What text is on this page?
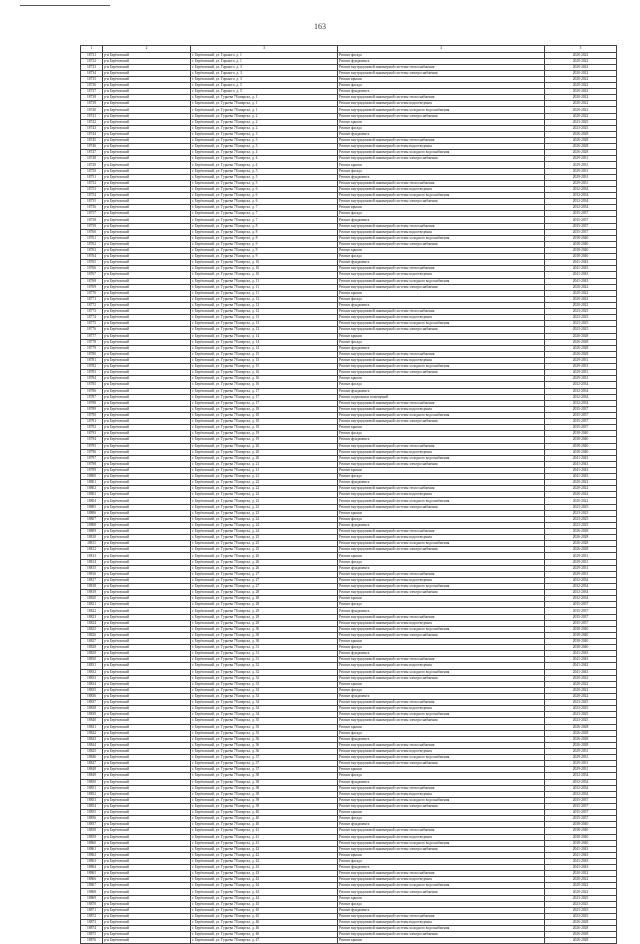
163
1	2	3	4	5
18731	р-н Берёзовский	г. Берёзовский, ул. Горького, д. 1	Ремонт фасада	2020-2022
18732	р-н Берёзовский	г. Берёзовский, ул. Горького, д. 1	Ремонт фундамента	2020-2022
18733	р-н Берёзовский	г. Берёзовский, ул. Горького, д. 3	Ремонт внутридомовой инженерной системы теплоснабжения	2020-2022
18734	р-н Берёзовский	г. Берёзовский, ул. Горького, д. 3	Ремонт внутридомовой инженерной системы электроснабжения	2020-2022
18735	р-н Берёзовский	г. Берёзовский, ул. Горького, д. 3	Ремонт крыши	2020-2022
18736	р-н Берёзовский	г. Берёзовский, ул. Горького, д. 5	Ремонт фасада	2020-2022
18737	р-н Берёзовский	г. Берёзовский, ул. Горького, д. 5	Ремонт фундамента	2020-2022
18738	р-н Берёзовский	г. Берёзовский, ул. Гурьева 78 квартал, д. 1	Ремонт внутридомовой инженерной системы теплоснабжения	2020-2022
18739	р-н Берёзовский	г. Берёзовский, ул. Гурьева 78 квартал, д. 1	Ремонт внутридомовой инженерной системы водоотведения	2020-2022
18740	р-н Берёзовский	г. Берёзовский, ул. Гурьева 78 квартал, д. 1	Ремонт внутридомовой инженерной системы холодного водоснабжения	2020-2022
18741	р-н Берёзовский	г. Берёзовский, ул. Гурьева 78 квартал, д. 2	Ремонт внутридомовой инженерной системы электроснабжения	2020-2022
18742	р-н Берёзовский	г. Берёзовский, ул. Гурьева 78 квартал, д. 2	Ремонт крыши	2023-2025
18743	р-н Берёзовский	г. Берёзовский, ул. Гурьева 78 квартал, д. 2	Ремонт фасада	2023-2025
18744	р-н Берёзовский	г. Берёзовский, ул. Гурьева 78 квартал, д. 3	Ремонт фундамента	2026-2028
18745	р-н Берёзовский	г. Берёзовский, ул. Гурьева 78 квартал, д. 3	Ремонт внутридомовой инженерной системы теплоснабжения	2026-2028
18746	р-н Берёзовский	г. Берёзовский, ул. Гурьева 78 квартал, д. 3	Ремонт внутридомовой инженерной системы водоотведения	2026-2028
18747	р-н Берёзовский	г. Берёзовский, ул. Гурьева 78 квартал, д. 4	Ремонт внутридомовой инженерной системы холодного водоснабжения	2026-2028
18748	р-н Берёзовский	г. Берёзовский, ул. Гурьева 78 квартал, д. 4	Ремонт внутридомовой инженерной системы электроснабжения	2029-2031
18749	р-н Берёзовский	г. Берёзовский, ул. Гурьева 78 квартал, д. 4	Ремонт крыши	2029-2031
18750	р-н Берёзовский	г. Берёзовский, ул. Гурьева 78 квартал, д. 5	Ремонт фасада	2029-2031
18751	р-н Берёзовский	г. Берёзовский, ул. Гурьева 78 квартал, д. 5	Ремонт фундамента	2029-2031
18752	р-н Берёзовский	г. Берёзовский, ул. Гурьева 78 квартал, д. 5	Ремонт внутридомовой инженерной системы теплоснабжения	2029-2031
18753	р-н Берёзовский	г. Берёзовский, ул. Гурьева 78 квартал, д. 6	Ремонт внутридомовой инженерной системы водоотведения	2032-2034
18754	р-н Берёзовский	г. Берёзовский, ул. Гурьева 78 квартал, д. 6	Ремонт внутридомовой инженерной системы холодного водоснабжения	2032-2034
18755	р-н Берёзовский	г. Берёзовский, ул. Гурьева 78 квартал, д. 6	Ремонт внутридомовой инженерной системы электроснабжения	2032-2034
18756	р-н Берёзовский	г. Берёзовский, ул. Гурьева 78 квартал, д. 7	Ремонт крыши	2032-2034
18757	р-н Берёзовский	г. Берёзовский, ул. Гурьева 78 квартал, д. 7	Ремонт фасада	2035-2037
18758	р-н Берёзовский	г. Берёзовский, ул. Гурьева 78 квартал, д. 7	Ремонт фундамента	2035-2037
18759	р-н Берёзовский	г. Берёзовский, ул. Гурьева 78 квартал, д. 8	Ремонт внутридомовой инженерной системы теплоснабжения	2035-2037
18760	р-н Берёзовский	г. Берёзовский, ул. Гурьева 78 квартал, д. 8	Ремонт внутридомовой инженерной системы водоотведения	2035-2037
18761	р-н Берёзовский	г. Берёзовский, ул. Гурьева 78 квартал, д. 8	Ремонт внутридомовой инженерной системы холодного водоснабжения	2038-2040
18762	р-н Берёзовский	г. Берёзовский, ул. Гурьева 78 квартал, д. 9	Ремонт внутридомовой инженерной системы электроснабжения	2038-2040
18763	р-н Берёзовский	г. Берёзовский, ул. Гурьева 78 квартал, д. 9	Ремонт крыши	2038-2040
18764	р-н Берёзовский	г. Берёзовский, ул. Гурьева 78 квартал, д. 9	Ремонт фасада	2038-2040
18765	р-н Берёзовский	г. Берёзовский, ул. Гурьева 78 квартал, д. 10	Ремонт фундамента	2041-2043
18766	р-н Берёзовский	г. Берёзовский, ул. Гурьева 78 квартал, д. 10	Ремонт внутридомовой инженерной системы теплоснабжения	2041-2043
18767	р-н Берёзовский	г. Берёзовский, ул. Гурьева 78 квартал, д. 10	Ремонт внутридомовой инженерной системы водоотведения	2041-2043
18768	р-н Берёзовский	г. Берёзовский, ул. Гурьева 78 квартал, д. 11	Ремонт внутридомовой инженерной системы холодного водоснабжения	2041-2043
18769	р-н Берёзовский	г. Берёзовский, ул. Гурьева 78 квартал, д. 11	Ремонт внутридомовой инженерной системы электроснабжения	2020-2022
18770	р-н Берёзовский	г. Берёзовский, ул. Гурьева 78 квартал, д. 11	Ремонт крыши	2020-2022
18771	р-н Берёзовский	г. Берёзовский, ул. Гурьева 78 квартал, д. 12	Ремонт фасада	2020-2022
18772	р-н Берёзовский	г. Берёзовский, ул. Гурьева 78 квартал, д. 12	Ремонт фундамента	2020-2022
18773	р-н Берёзовский	г. Берёзовский, ул. Гурьева 78 квартал, д. 12	Ремонт внутридомовой инженерной системы теплоснабжения	2023-2025
18774	р-н Берёзовский	г. Берёзовский, ул. Гурьева 78 квартал, д. 13	Ремонт внутридомовой инженерной системы водоотведения	2023-2025
18775	р-н Берёзовский	г. Берёзовский, ул. Гурьева 78 квартал, д. 13	Ремонт внутридомовой инженерной системы холодного водоснабжения	2023-2025
18776	р-н Берёзовский	г. Берёзовский, ул. Гурьева 78 квартал, д. 13	Ремонт внутридомовой инженерной системы электроснабжения	2023-2025
18777	р-н Берёзовский	г. Берёзовский, ул. Гурьева 78 квартал, д. 14	Ремонт крыши	2026-2028
18778	р-н Берёзовский	г. Берёзовский, ул. Гурьева 78 квартал, д. 14	Ремонт фасада	2026-2028
18779	р-н Берёзовский	г. Берёзовский, ул. Гурьева 78 квартал, д. 14	Ремонт фундамента	2026-2028
18780	р-н Берёзовский	г. Берёзовский, ул. Гурьева 78 квартал, д. 15	Ремонт внутридомовой инженерной системы теплоснабжения	2026-2028
18781	р-н Берёзовский	г. Берёзовский, ул. Гурьева 78 квартал, д. 15	Ремонт внутридомовой инженерной системы водоотведения	2029-2031
18782	р-н Берёзовский	г. Берёзовский, ул. Гурьева 78 квартал, д. 15	Ремонт внутридомовой инженерной системы холодного водоснабжения	2029-2031
18783	р-н Берёзовский	г. Берёзовский, ул. Гурьева 78 квартал, д. 16	Ремонт внутридомовой инженерной системы электроснабжения	2029-2031
18784	р-н Берёзовский	г. Берёзовский, ул. Гурьева 78 квартал, д. 16	Ремонт крыши	2029-2031
18785	р-н Берёзовский	г. Берёзовский, ул. Гурьева 78 квартал, д. 16	Ремонт фасада	2032-2034
18786	р-н Берёзовский	г. Берёзовский, ул. Гурьева 78 квартал, д. 17	Ремонт фундамента	2032-2034
18787	р-н Берёзовский	г. Берёзовский, ул. Гурьева 78 квартал, д. 17	Ремонт подвальных помещений	2032-2034
18788	р-н Берёзовский	г. Берёзовский, ул. Гурьева 78 квартал, д. 17	Ремонт внутридомовой инженерной системы теплоснабжения	2032-2034
18789	р-н Берёзовский	г. Берёзовский, ул. Гурьева 78 квартал, д. 18	Ремонт внутридомовой инженерной системы водоотведения	2035-2037
18790	р-н Берёзовский	г. Берёзовский, ул. Гурьева 78 квартал, д. 18	Ремонт внутридомовой инженерной системы холодного водоснабжения	2035-2037
18791	р-н Берёзовский	г. Берёзовский, ул. Гурьева 78 квартал, д. 18	Ремонт внутридомовой инженерной системы электроснабжения	2035-2037
18792	р-н Берёзовский	г. Берёзовский, ул. Гурьева 78 квартал, д. 19	Ремонт крыши	2035-2037
18793	р-н Берёзовский	г. Берёзовский, ул. Гурьева 78 квартал, д. 19	Ремонт фасада	2038-2040
18794	р-н Берёзовский	г. Берёзовский, ул. Гурьева 78 квартал, д. 19	Ремонт фундамента	2038-2040
18795	р-н Берёзовский	г. Берёзовский, ул. Гурьева 78 квартал, д. 20	Ремонт внутридомовой инженерной системы теплоснабжения	2038-2040
18796	р-н Берёзовский	г. Берёзовский, ул. Гурьева 78 квартал, д. 20	Ремонт внутридомовой инженерной системы водоотведения	2038-2040
18797	р-н Берёзовский	г. Берёзовский, ул. Гурьева 78 квартал, д. 20	Ремонт внутридомовой инженерной системы холодного водоснабжения	2041-2043
18798	р-н Берёзовский	г. Берёзовский, ул. Гурьева 78 квартал, д. 21	Ремонт внутридомовой инженерной системы электроснабжения	2041-2043
18799	р-н Берёзовский	г. Берёзовский, ул. Гурьева 78 квартал, д. 21	Ремонт крыши	2041-2043
18800	р-н Берёзовский	г. Берёзовский, ул. Гурьева 78 квартал, д. 21	Ремонт фасада	2041-2043
18801	р-н Берёзовский	г. Берёзовский, ул. Гурьева 78 квартал, д. 22	Ремонт фундамента	2020-2022
18802	р-н Берёзовский	г. Берёзовский, ул. Гурьева 78 квартал, д. 22	Ремонт внутридомовой инженерной системы теплоснабжения	2020-2022
18803	р-н Берёзовский	г. Берёзовский, ул. Гурьева 78 квартал, д. 22	Ремонт внутридомовой инженерной системы водоотведения	2020-2022
18804	р-н Берёзовский	г. Берёзовский, ул. Гурьева 78 квартал, д. 23	Ремонт внутридомовой инженерной системы холодного водоснабжения	2020-2022
18805	р-н Берёзовский	г. Берёзовский, ул. Гурьева 78 квартал, д. 23	Ремонт внутридомовой инженерной системы электроснабжения	2023-2025
18806	р-н Берёзовский	г. Берёзовский, ул. Гурьева 78 квартал, д. 23	Ремонт крыши	2023-2025
18807	р-н Берёзовский	г. Берёзовский, ул. Гурьева 78 квартал, д. 24	Ремонт фасада	2023-2025
18808	р-н Берёзовский	г. Берёзовский, ул. Гурьева 78 квартал, д. 24	Ремонт фундамента	2023-2025
18809	р-н Берёзовский	г. Берёзовский, ул. Гурьева 78 квартал, д. 24	Ремонт внутридомовой инженерной системы теплоснабжения	2026-2028
18810	р-н Берёзовский	г. Берёзовский, ул. Гурьева 78 квартал, д. 25	Ремонт внутридомовой инженерной системы водоотведения	2026-2028
18811	р-н Берёзовский	г. Берёзовский, ул. Гурьева 78 квартал, д. 25	Ремонт внутридомовой инженерной системы холодного водоснабжения	2026-2028
18812	р-н Берёзовский	г. Берёзовский, ул. Гурьева 78 квартал, д. 25	Ремонт внутридомовой инженерной системы электроснабжения	2026-2028
18813	р-н Берёзовский	г. Берёзовский, ул. Гурьева 78 квартал, д. 26	Ремонт крыши	2029-2031
18814	р-н Берёзовский	г. Берёзовский, ул. Гурьева 78 квартал, д. 26	Ремонт фасада	2029-2031
18815	р-н Берёзовский	г. Берёзовский, ул. Гурьева 78 квартал, д. 26	Ремонт фундамента	2029-2031
18816	р-н Берёзовский	г. Берёзовский, ул. Гурьева 78 квартал, д. 27	Ремонт внутридомовой инженерной системы теплоснабжения	2029-2031
18817	р-н Берёзовский	г. Берёзовский, ул. Гурьева 78 квартал, д. 27	Ремонт внутридомовой инженерной системы водоотведения	2032-2034
18818	р-н Берёзовский	г. Берёзовский, ул. Гурьева 78 квартал, д. 27	Ремонт внутридомовой инженерной системы холодного водоснабжения	2032-2034
18819	р-н Берёзовский	г. Берёзовский, ул. Гурьева 78 квартал, д. 28	Ремонт внутридомовой инженерной системы электроснабжения	2032-2034
18820	р-н Берёзовский	г. Берёзовский, ул. Гурьева 78 квартал, д. 28	Ремонт крыши	2032-2034
18821	р-н Берёзовский	г. Берёзовский, ул. Гурьева 78 квартал, д. 28	Ремонт фасада	2035-2037
18822	р-н Берёзовский	г. Берёзовский, ул. Гурьева 78 квартал, д. 29	Ремонт фундамента	2035-2037
18823	р-н Берёзовский	г. Берёзовский, ул. Гурьева 78 квартал, д. 29	Ремонт внутридомовой инженерной системы теплоснабжения	2035-2037
18824	р-н Берёзовский	г. Берёзовский, ул. Гурьева 78 квартал, д. 29	Ремонт внутридомовой инженерной системы водоотведения	2035-2037
18825	р-н Берёзовский	г. Берёзовский, ул. Гурьева 78 квартал, д. 30	Ремонт внутридомовой инженерной системы холодного водоснабжения	2038-2040
18826	р-н Берёзовский	г. Берёзовский, ул. Гурьева 78 квартал, д. 30	Ремонт внутридомовой инженерной системы электроснабжения	2038-2040
18827	р-н Берёзовский	г. Берёзовский, ул. Гурьева 78 квартал, д. 30	Ремонт крыши	2038-2040
18828	р-н Берёзовский	г. Берёзовский, ул. Гурьева 78 квартал, д. 31	Ремонт фасада	2038-2040
18829	р-н Берёзовский	г. Берёзовский, ул. Гурьева 78 квартал, д. 31	Ремонт фундамента	2041-2043
18830	р-н Берёзовский	г. Берёзовский, ул. Гурьева 78 квартал, д. 31	Ремонт внутридомовой инженерной системы теплоснабжения	2041-2043
18831	р-н Берёзовский	г. Берёзовский, ул. Гурьева 78 квартал, д. 32	Ремонт внутридомовой инженерной системы водоотведения	2041-2043
18832	р-н Берёзовский	г. Берёзовский, ул. Гурьева 78 квартал, д. 32	Ремонт внутридомовой инженерной системы холодного водоснабжения	2041-2043
18833	р-н Берёзовский	г. Берёзовский, ул. Гурьева 78 квартал, д. 32	Ремонт внутридомовой инженерной системы электроснабжения	2020-2022
18834	р-н Берёзовский	г. Берёзовский, ул. Гурьева 78 квартал, д. 33	Ремонт крыши	2020-2022
18835	р-н Берёзовский	г. Берёзовский, ул. Гурьева 78 квартал, д. 33	Ремонт фасада	2020-2022
18836	р-н Берёзовский	г. Берёзовский, ул. Гурьева 78 квартал, д. 33	Ремонт фундамента	2020-2022
18837	р-н Берёзовский	г. Берёзовский, ул. Гурьева 78 квартал, д. 34	Ремонт внутридомовой инженерной системы теплоснабжения	2023-2025
18838	р-н Берёзовский	г. Берёзовский, ул. Гурьева 78 квартал, д. 34	Ремонт внутридомовой инженерной системы водоотведения	2023-2025
18839	р-н Берёзовский	г. Берёзовский, ул. Гурьева 78 квартал, д. 34	Ремонт внутридомовой инженерной системы холодного водоснабжения	2023-2025
18840	р-н Берёзовский	г. Берёзовский, ул. Гурьева 78 квартал, д. 35	Ремонт внутридомовой инженерной системы электроснабжения	2023-2025
18841	р-н Берёзовский	г. Берёзовский, ул. Гурьева 78 квартал, д. 35	Ремонт крыши	2026-2028
18842	р-н Берёзовский	г. Берёзовский, ул. Гурьева 78 квартал, д. 35	Ремонт фасада	2026-2028
18843	р-н Берёзовский	г. Берёзовский, ул. Гурьева 78 квартал, д. 36	Ремонт фундамента	2026-2028
18844	р-н Берёзовский	г. Берёзовский, ул. Гурьева 78 квартал, д. 36	Ремонт внутридомовой инженерной системы теплоснабжения	2026-2028
18845	р-н Берёзовский	г. Берёзовский, ул. Гурьева 78 квартал, д. 36	Ремонт внутридомовой инженерной системы водоотведения	2029-2031
18846	р-н Берёзовский	г. Берёзовский, ул. Гурьева 78 квартал, д. 37	Ремонт внутридомовой инженерной системы холодного водоснабжения	2029-2031
18847	р-н Берёзовский	г. Берёзовский, ул. Гурьева 78 квартал, д. 37	Ремонт внутридомовой инженерной системы электроснабжения	2029-2031
18848	р-н Берёзовский	г. Берёзовский, ул. Гурьева 78 квартал, д. 37	Ремонт крыши	2029-2031
18849	р-н Берёзовский	г. Берёзовский, ул. Гурьева 78 квартал, д. 38	Ремонт фасада	2032-2034
18850	р-н Берёзовский	г. Берёзовский, ул. Гурьева 78 квартал, д. 38	Ремонт фундамента	2032-2034
18851	р-н Берёзовский	г. Берёзовский, ул. Гурьева 78 квартал, д. 38	Ремонт внутридомовой инженерной системы теплоснабжения	2032-2034
18852	р-н Берёзовский	г. Берёзовский, ул. Гурьева 78 квартал, д. 39	Ремонт внутридомовой инженерной системы водоотведения	2032-2034
18853	р-н Берёзовский	г. Берёзовский, ул. Гурьева 78 квартал, д. 39	Ремонт внутридомовой инженерной системы холодного водоснабжения	2035-2037
18854	р-н Берёзовский	г. Берёзовский, ул. Гурьева 78 квартал, д. 39	Ремонт внутридомовой инженерной системы электроснабжения	2035-2037
18855	р-н Берёзовский	г. Берёзовский, ул. Гурьева 78 квартал, д. 40	Ремонт крыши	2035-2037
18856	р-н Берёзовский	г. Берёзовский, ул. Гурьева 78 квартал, д. 40	Ремонт фасада	2035-2037
18857	р-н Берёзовский	г. Берёзовский, ул. Гурьева 78 квартал, д. 40	Ремонт фундамента	2038-2040
18858	р-н Берёзовский	г. Берёзовский, ул. Гурьева 78 квартал, д. 41	Ремонт внутридомовой инженерной системы теплоснабжения	2038-2040
18859	р-н Берёзовский	г. Берёзовский, ул. Гурьева 78 квартал, д. 41	Ремонт внутридомовой инженерной системы водоотведения	2038-2040
18860	р-н Берёзовский	г. Берёзовский, ул. Гурьева 78 квартал, д. 41	Ремонт внутридомовой инженерной системы холодного водоснабжения	2038-2040
18861	р-н Берёзовский	г. Берёзовский, ул. Гурьева 78 квартал, д. 42	Ремонт внутридомовой инженерной системы электроснабжения	2041-2043
18862	р-н Берёзовский	г. Берёзовский, ул. Гурьева 78 квартал, д. 42	Ремонт крыши	2041-2043
18863	р-н Берёзовский	г. Берёзовский, ул. Гурьева 78 квартал, д. 42	Ремонт фасада	2041-2043
18864	р-н Берёзовский	г. Берёзовский, ул. Гурьева 78 квартал, д. 43	Ремонт фундамента	2041-2043
18865	р-н Берёзовский	г. Берёзовский, ул. Гурьева 78 квартал, д. 43	Ремонт внутридомовой инженерной системы теплоснабжения	2020-2022
18866	р-н Берёзовский	г. Берёзовский, ул. Гурьева 78 квартал, д. 43	Ремонт внутридомовой инженерной системы водоотведения	2020-2022
18867	р-н Берёзовский	г. Берёзовский, ул. Гурьева 78 квартал, д. 44	Ремонт внутридомовой инженерной системы холодного водоснабжения	2020-2022
18868	р-н Берёзовский	г. Берёзовский, ул. Гурьева 78 квартал, д. 44	Ремонт внутридомовой инженерной системы электроснабжения	2020-2022
18869	р-н Берёзовский	г. Берёзовский, ул. Гурьева 78 квартал, д. 44	Ремонт крыши	2023-2025
18870	р-н Берёзовский	г. Берёзовский, ул. Гурьева 78 квартал, д. 45	Ремонт фасада	2023-2025
18871	р-н Берёзовский	г. Берёзовский, ул. Гурьева 78 квартал, д. 45	Ремонт фундамента	2023-2025
18872	р-н Берёзовский	г. Берёзовский, ул. Гурьева 78 квартал, д. 45	Ремонт внутридомовой инженерной системы теплоснабжения	2023-2025
18873	р-н Берёзовский	г. Берёзовский, ул. Гурьева 78 квартал, д. 46	Ремонт внутридомовой инженерной системы водоотведения	2026-2028
18874	р-н Берёзовский	г. Берёзовский, ул. Гурьева 78 квартал, д. 46	Ремонт внутридомовой инженерной системы холодного водоснабжения	2026-2028
18875	р-н Берёзовский	г. Берёзовский, ул. Гурьева 78 квартал, д. 46	Ремонт внутридомовой инженерной системы электроснабжения	2026-2028
18876	р-н Берёзовский	г. Берёзовский, ул. Гурьева 78 квартал, д. 47	Ремонт крыши	2026-2028
